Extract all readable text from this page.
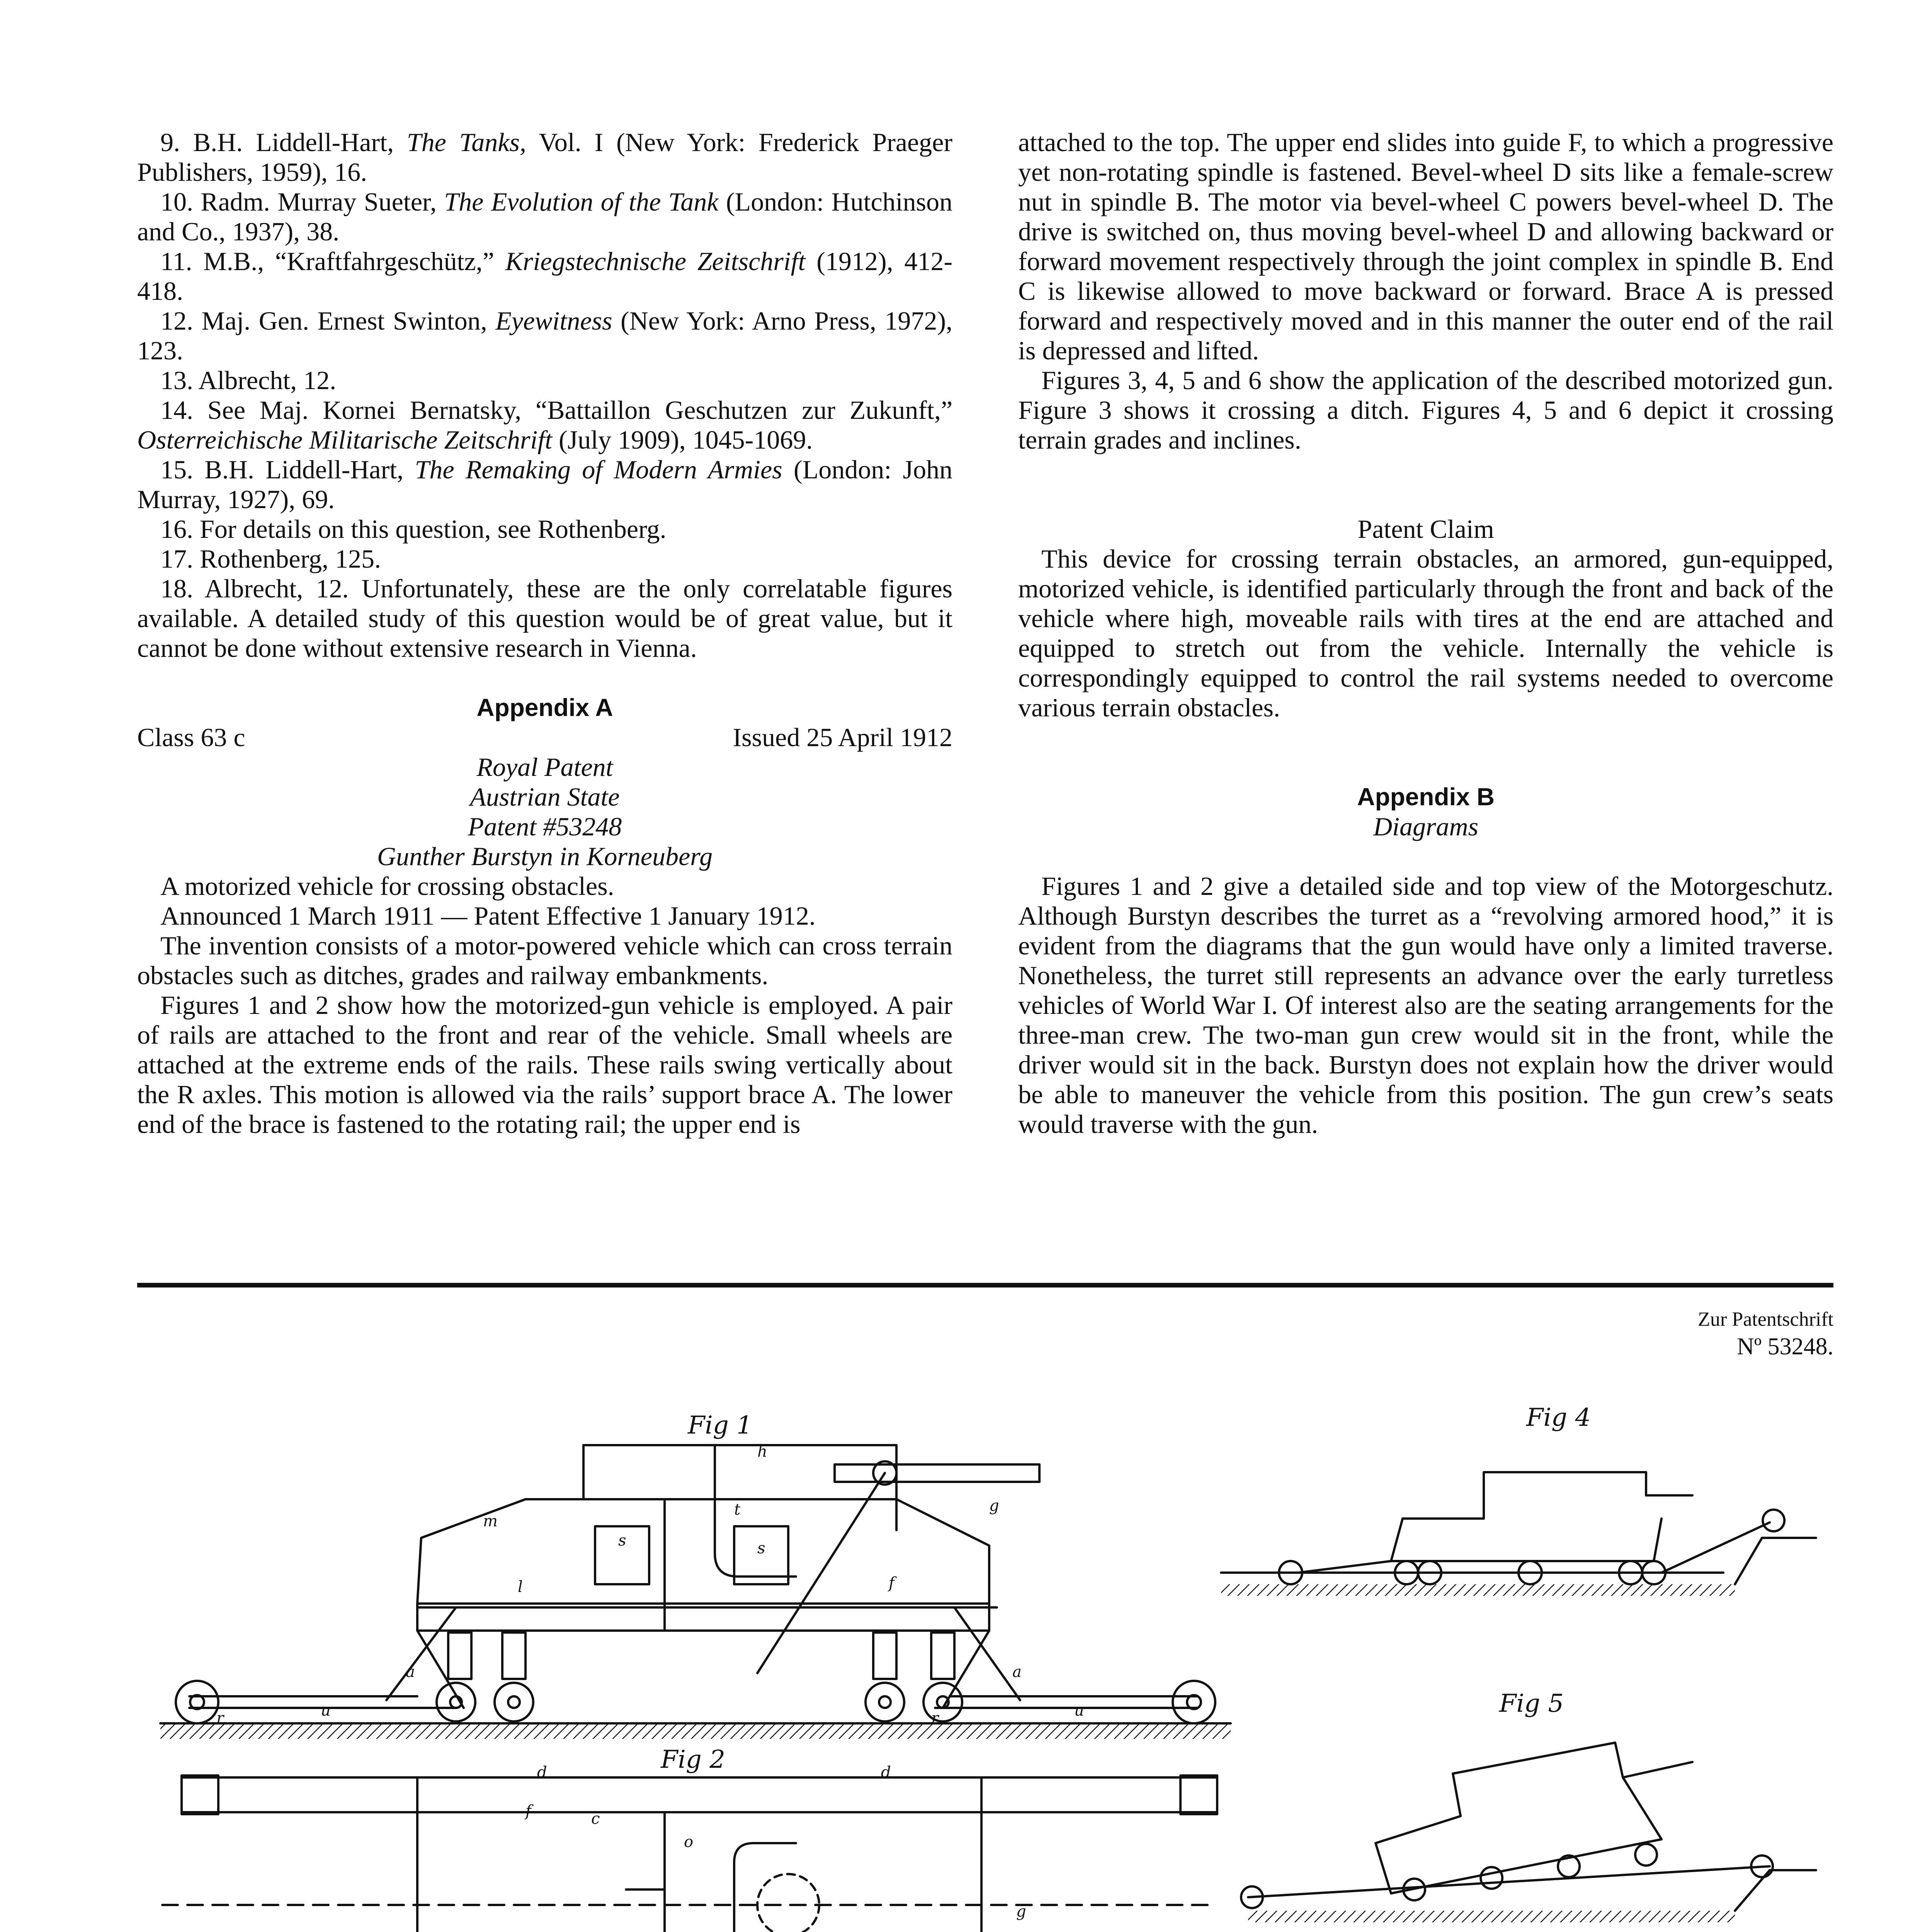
9. B.H. Liddell-Hart, The Tanks, Vol. I (New York: Frederick Praeger Publishers, 1959), 16.

10. Radm. Murray Sueter, The Evolution of the Tank (London: Hutchinson and Co., 1937), 38.

11. M.B., “Kraftfahrgeschütz,” Kriegstechnische Zeitschrift (1912), 412-418.

12. Maj. Gen. Ernest Swinton, Eyewitness (New York: Arno Press, 1972), 123.

13. Albrecht, 12.

14. See Maj. Kornei Bernatsky, “Battaillon Geschutzen zur Zukunft,” Osterreichische Militarische Zeitschrift (July 1909), 1045-1069.

15. B.H. Liddell-Hart, The Remaking of Modern Armies (London: John Murray, 1927), 69.

16. For details on this question, see Rothenberg.

17. Rothenberg, 125.

18. Albrecht, 12. Unfortunately, these are the only correlatable figures available. A detailed study of this question would be of great value, but it cannot be done without extensive research in Vienna.

Appendix A

Class 63 c	Issued 25 April 1912

Royal Patent

Austrian State

Patent #53248

Gunther Burstyn in Korneuberg

A motorized vehicle for crossing obstacles.

Announced 1 March 1911 — Patent Effective 1 January 1912.

The invention consists of a motor-powered vehicle which can cross terrain obstacles such as ditches, grades and railway embankments.

Figures 1 and 2 show how the motorized-gun vehicle is employed. A pair of rails are attached to the front and rear of the vehicle. Small wheels are attached at the extreme ends of the rails. These rails swing vertically about the R axles. This motion is allowed via the rails’ support brace A. The lower end of the brace is fastened to the rotating rail; the upper end is

attached to the top. The upper end slides into guide F, to which a progressive yet non-rotating spindle is fastened. Bevel-wheel D sits like a female-screw nut in spindle B. The motor via bevel-wheel C powers bevel-wheel D. The drive is switched on, thus moving bevel-wheel D and allowing backward or forward movement respectively through the joint complex in spindle B. End C is likewise allowed to move backward or forward. Brace A is pressed forward and respectively moved and in this manner the outer end of the rail is depressed and lifted.

Figures 3, 4, 5 and 6 show the application of the described motorized gun. Figure 3 shows it crossing a ditch. Figures 4, 5 and 6 depict it crossing terrain grades and inclines.

Patent Claim

This device for crossing terrain obstacles, an armored, gun-equipped, motorized vehicle, is identified particularly through the front and back of the vehicle where high, moveable rails with tires at the end are attached and equipped to stretch out from the vehicle. Internally the vehicle is correspondingly equipped to control the rail systems needed to overcome various terrain obstacles.

Appendix B

Diagrams

Figures 1 and 2 give a detailed side and top view of the Motorgeschutz. Although Burstyn describes the turret as a “revolving armored hood,” it is evident from the diagrams that the gun would have only a limited traverse. Nonetheless, the turret still represents an advance over the early turretless vehicles of World War I. Of interest also are the seating arrangements for the three-man crew. The two-man gun crew would sit in the front, while the driver would sit in the back. Burstyn does not explain how the driver would be able to maneuver the vehicle from this position. The gun crew’s seats would traverse with the gun.

Zur Patentschrift
Nº 53248.
Fig 1
Fig 2
Fig 4
Fig 5
h
g
t
m
s	s
l	f
f
a	a
u	u
r	r
o
d	d
c
g
